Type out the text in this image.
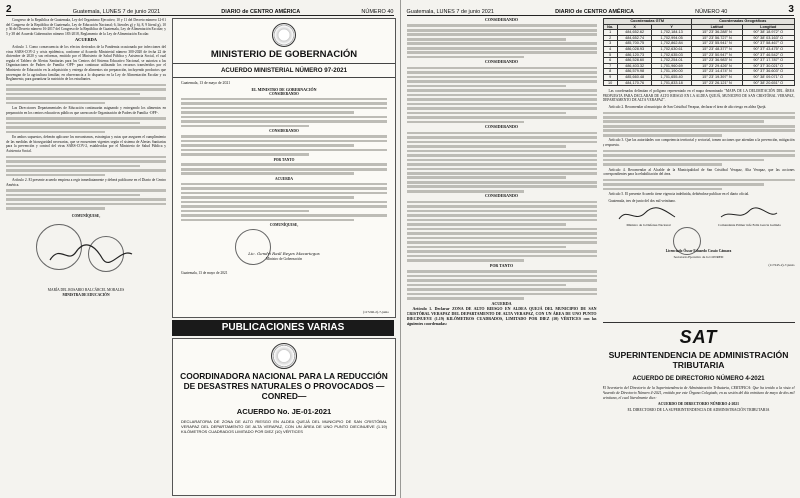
2	Guatemala, LUNES 7 de junio 2021	DIARIO de CENTRO AMÉRICA	NÚMERO 40

Congreso de la República de Guatemala, Ley del Organismo Ejecutivo; 10 y 11 del Decreto número 12-01 del Congreso de la República de Guatemala, Ley de Educación Nacional; 6, literales g) y h), 8, 9 literal g), 10 y 36 del Decreto número 16-2017 del Congreso de la República de Guatemala, Ley de Alimentación Escolar; y 5 y 38 del Acuerdo Gubernativo número 183-2018, Reglamento de la Ley de Alimentación Escolar.

ACUERDA

Artículo 1. Como consecuencia de los efectos derivados de la Pandemia ocasionada por infecciones del virus SARS-COV-2 y crisis epidémica, conforme al Acuerdo Ministerial número 300-2020 de fecha 22 de diciembre de 2020 y sus reformas, emitido por el Ministerio de Salud Pública y Asistencia Social, el cual regula el Tablero de Alertas Sanitarias para los Centros del Sistema Educativo Nacional, se autoriza a las Organizaciones de Padres de Familia -OPF- para continuar utilizando los recursos transferidos por el Ministerio de Educación en la adquisición y entrega de alimentos sin preparación, incluyendo productos que provengan de la agricultura familiar, en observancia a lo dispuesto en la Ley de Alimentación Escolar y su Reglamento, para garantizar la nutrición de los estudiantes.

Las Direcciones Departamentales de Educación continuarán asignando y entregando los alimentos en preparación en los centros educativos públicos que carezcan de Organización de Padres de Familia -OPF-.

En ambos supuestos, deberán aplicarse los mecanismos, estrategias y rutas que aseguren el cumplimiento de las medidas de bioseguridad necesarias, que se encuentren vigentes según el sistema de Alertas Sanitarias para la prevención y control del virus SARS-COV-2, establecidas por el Ministerio de Salud Pública y Asistencia Social.

Artículo 2. El presente acuerdo empieza a regir inmediatamente y deberá publicarse en el Diario de Centro América.

COMUNÍQUESE,
MARÍA DEL ROSARIO BALCÁRCEL MORALES
MINISTRA DE EDUCACIÓN
MINISTERIO DE GOBERNACIÓN
ACUERDO MINISTERIAL NÚMERO 97-2021
Guatemala, 13 de mayo de 2021
EL MINISTRO DE GOBERNACIÓN
CONSIDERANDO
CONSIDERANDO
POR TANTO
ACUERDA
COMUNÍQUESE,
Lic. Gendri Raúl Reyes Mazariegos
Ministro de Gobernación
Guatemala, 13 de mayo de 2021
(117246-2)-7-junio
PUBLICACIONES VARIAS
COORDINADORA NACIONAL PARA LA REDUCCIÓN DE DESASTRES NATURALES O PROVOCADOS —CONRED—
ACUERDO No. JE-01-2021
DECLARATORIA DE ZONA DE ALTO RIESGO EN ALDEA QUEJÁ DEL MUNICIPIO DE SAN CRISTÓBAL VERAPAZ DEL DEPARTAMENTO DE ALTA VERAPAZ, CON UN ÁREA DE UNO PUNTO DIECINUEVE (1.19) KILÓMETROS CUADRADOS LIMITADO POR DIEZ (10) VÉRTICES
Guatemala, LUNES 7 de junio 2021	DIARIO de CENTRO AMÉRICA	NÚMERO 40	3
CONSIDERANDO
CONSIDERANDO
CONSIDERANDO
CONSIDERANDO
POR TANTO
ACUERDA

Artículo 1. Declarar ZONA DE ALTO RIESGO EN ALDEA QUEJÁ DEL MUNICIPIO DE SAN CRISTÓBAL VERAPAZ DEL DEPARTAMENTO DE ALTA VERAPAZ, CON UN ÁREA DE UNO PUNTO DIECINUEVE (1.19) KILÓMETROS CUADRADOS, LIMITADO POR DIEZ (10) VÉRTICES con las siguientes coordenadas:

Coordenadas GTM			Coordenadas Geográficas	
No.	X	Y	Latitud	Longitud
1	484,652.62	1,702,184.13	15° 23' 36.288" N	90° 38' 18.972" O
2	484,652.74	1,702,994.05	15° 23' 56.727" N	90° 38' 03.163" O
3	485,700.75	1,702,862.84	15° 23' 55.941" N	90° 37' 58.467" O
4	486,028.93	1,702,630.61	15° 23' 48.377" N	90° 37' 43.475" O
5	486,120.73	1,702,635.03	15° 23' 50.947" N	90° 37' 46.542" O
6	486,528.60	1,702,254.01	15° 23' 36.983" N	90° 37' 17.787" O
7	486,403.32	1,701,960.69	15° 23' 29.426" N	90° 37' 30.021" O
8	486,579.98	1,701,190.00	15° 23' 14.474" N	90° 37' 36.603" O
9	485,660.48	1,701,655.40	15° 23' 19.397" N	90° 38' 09.071" O
10	484,170.76	1,701,833.18	15° 23' 26.121" N	90° 38' 20.651" O

Las coordenadas delimitan el polígono representado en el mapa denominado "MAPA DE LA DELIMITACIÓN DEL ÁREA PROPUESTA PARA DECLARAR DE ALTO RIESGO EN LA ALDEA QUEJÁ, MUNICIPIO DE SAN CRISTÓBAL VERAPAZ, DEPARTAMENTO DE ALTA VERAPAZ".

Artículo 2. Recomendar al municipio de San Cristóbal Verapaz, declarar el área de alto riesgo en aldea Quejá.

Artículo 3. Que las autoridades con competencia territorial y sectorial, tomen acciones que atiendan a la prevención, mitigación y respuesta.

Artículo 4. Recomendar al Alcalde de la Municipalidad de San Cristóbal Verapaz, Alta Verapaz, que las acciones correspondientes para la rehabilitación del área.

Artículo 5. El presente Acuerdo tiene vigencia indefinida, debiéndose publicar en el diario oficial.

Guatemala, tres de junio del dos mil veintiuno.

Ministro de la Defensa Nacional	Comandante Primer Jefe Feliz García Galindo
Licenciado Óscar Eduardo Cossio Cámara
Secretario Ejecutivo de la CONRED
(117245-2)-7-junio
SAT
SUPERINTENDENCIA DE ADMINISTRACIÓN TRIBUTARIA
ACUERDO DE DIRECTORIO NÚMERO 4-2021

El Secretario del Directorio de la Superintendencia de Administración Tributaria, CERTIFICA: Que ha tenido a la vista el Acuerdo de Directorio Número 4-2021, emitido por este Órgano Colegiado, en su sesión del día veintiuno de mayo de dos mil veintiuno, el cual literalmente dice:

ACUERDO DE DIRECTORIO NÚMERO 4-2021
EL DIRECTORIO DE LA SUPERINTENDENCIA DE ADMINISTRACIÓN TRIBUTARIA
